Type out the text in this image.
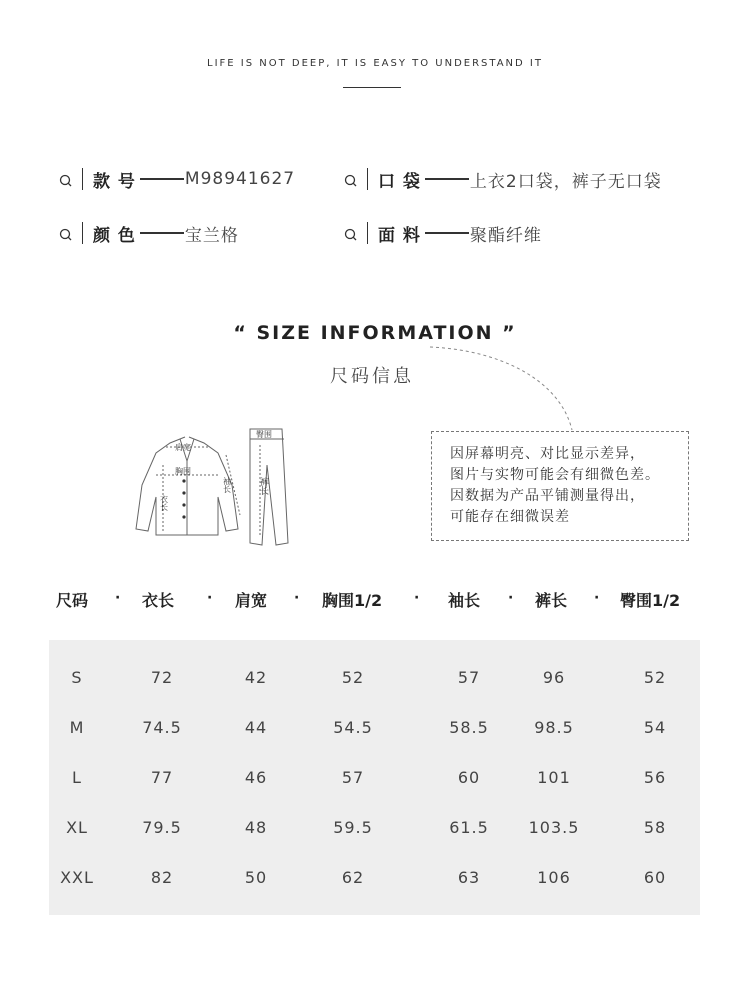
LIFE IS NOT DEEP, IT IS EASY TO UNDERSTAND IT
款 号	M98941627	口 袋	上衣2口袋，裤子无口袋
颜 色	宝兰格	面 料	聚酯纤维
“ SIZE INFORMATION ”
尺码信息
肩宽
胸围
衣长
袖长
臀围
裤长
因屏幕明亮、对比显示差异，
图片与实物可能会有细微色差。
因数据为产品平铺测量得出，
可能存在细微误差
尺码 · 衣长 · 肩宽 · 胸围1/2 · 袖长 · 裤长 · 臀围1/2
S	72	42	52	57	96	52
M	74.5	44	54.5	58.5	98.5	54
L	77	46	57	60	101	56
XL	79.5	48	59.5	61.5	103.5	58
XXL	82	50	62	63	106	60
